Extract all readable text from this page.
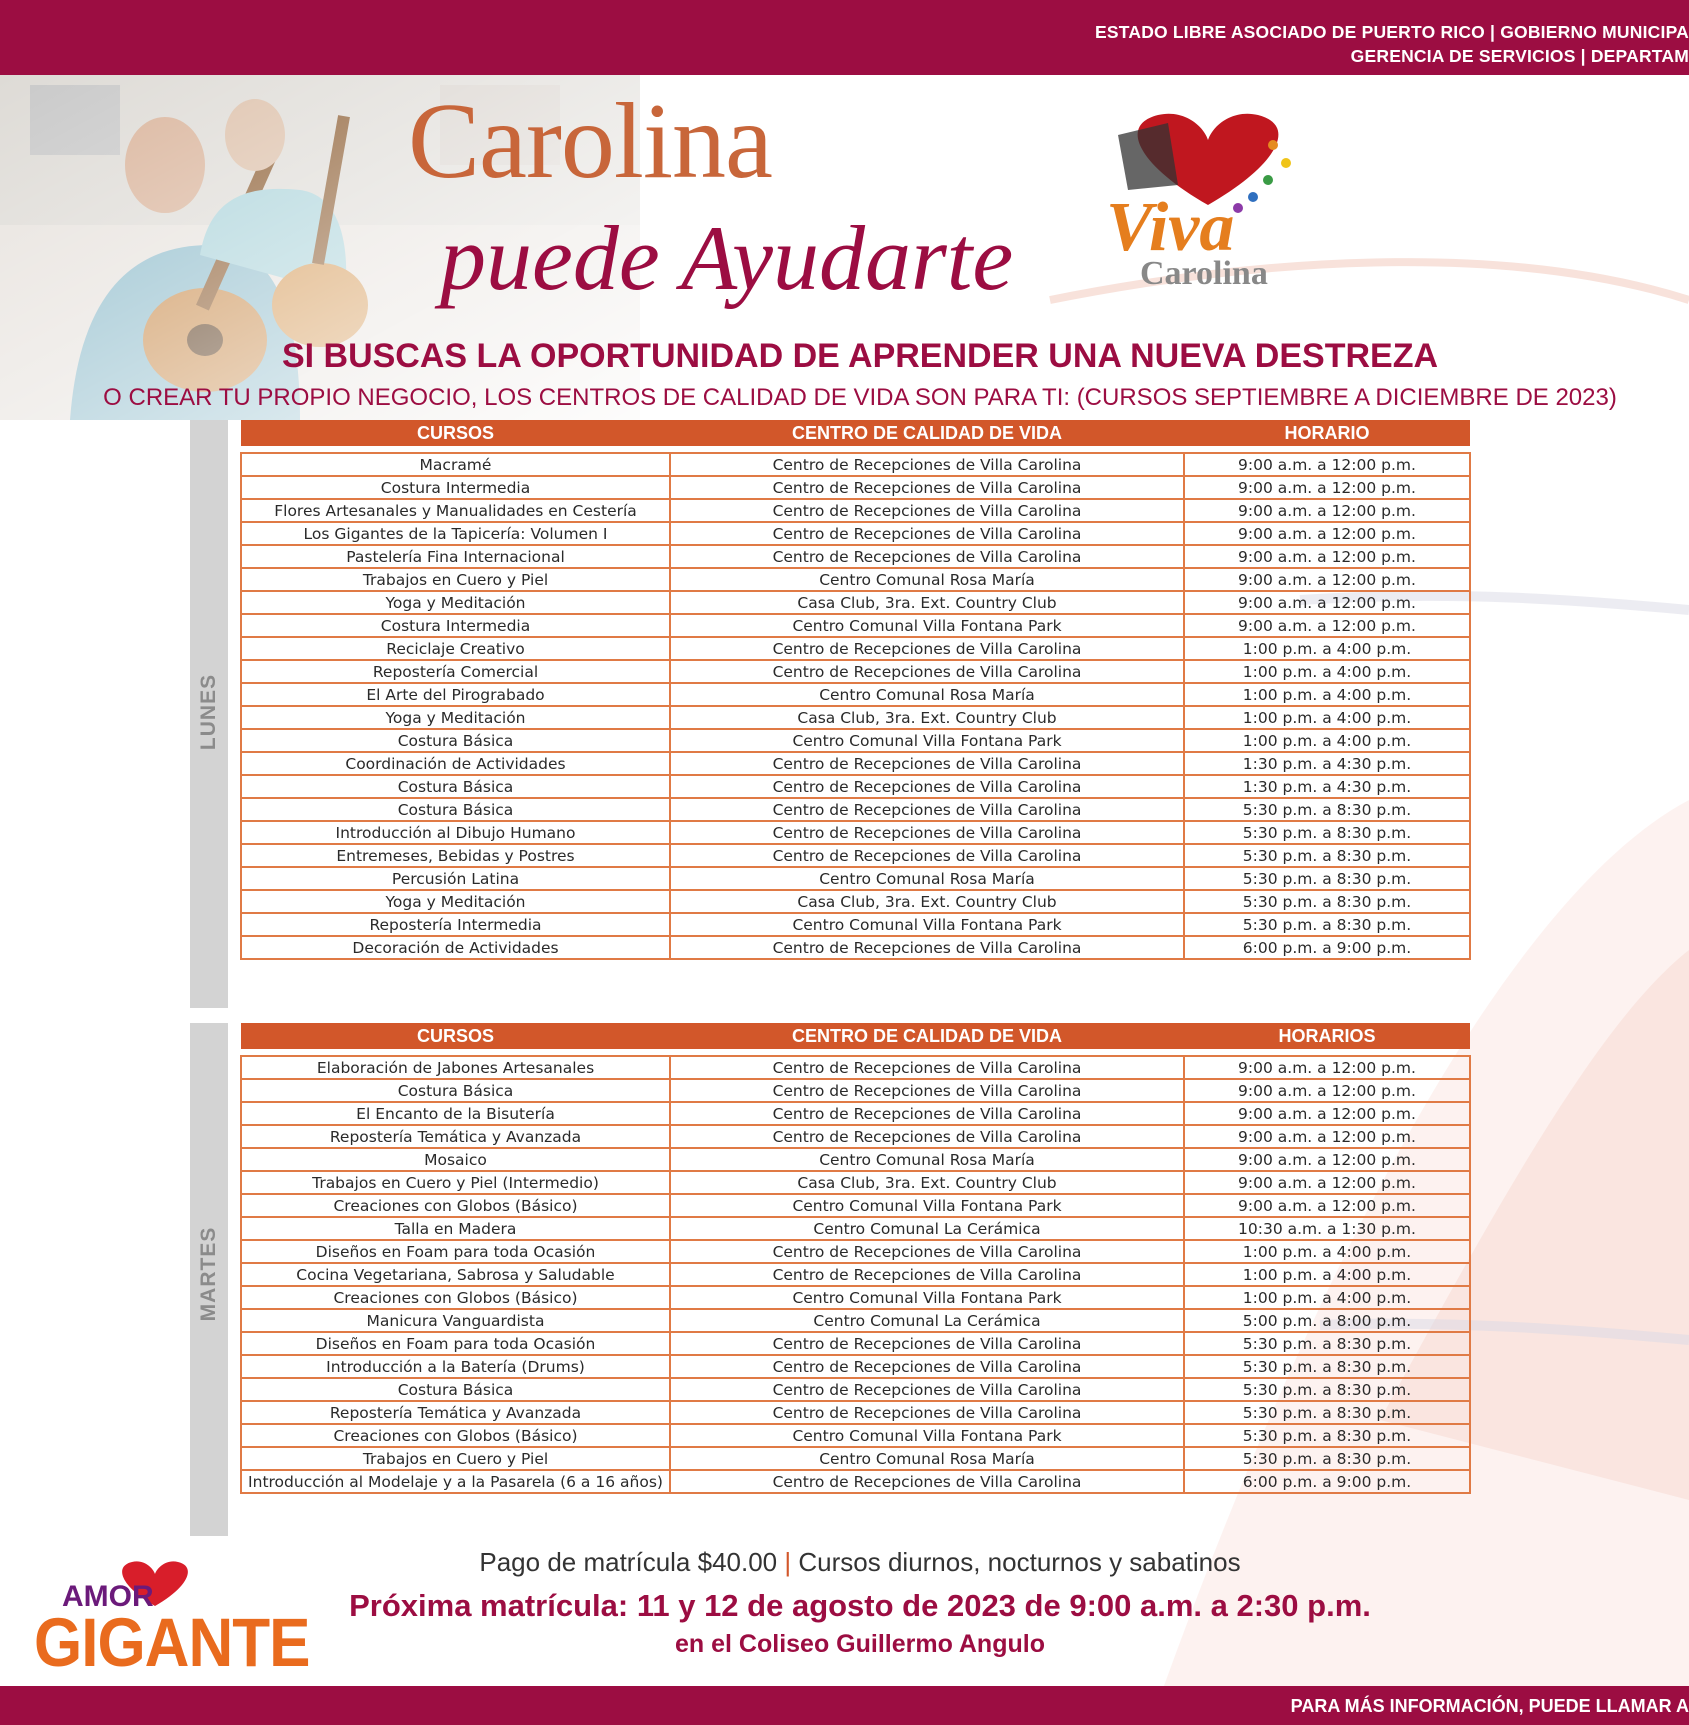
ESTADO LIBRE ASOCIADO DE PUERTO RICO | GOBIERNO MUNICIPA
GERENCIA DE SERVICIOS | DEPARTAM
Carolina
puede Ayudarte Viva
Carolina
SI BUSCAS LA OPORTUNIDAD DE APRENDER UNA NUEVA DESTREZA
O CREAR TU PROPIO NEGOCIO, LOS CENTROS DE CALIDAD DE VIDA SON PARA TI: (CURSOS SEPTIEMBRE A DICIEMBRE DE 2023)
LUNES
CURSOS	CENTRO DE CALIDAD DE VIDA	HORARIO

Macramé	Centro de Recepciones de Villa Carolina	9:00 a.m. a 12:00 p.m.
Costura Intermedia	Centro de Recepciones de Villa Carolina	9:00 a.m. a 12:00 p.m.
Flores Artesanales y Manualidades en Cestería	Centro de Recepciones de Villa Carolina	9:00 a.m. a 12:00 p.m.
Los Gigantes de la Tapicería: Volumen I	Centro de Recepciones de Villa Carolina	9:00 a.m. a 12:00 p.m.
Pastelería Fina Internacional	Centro de Recepciones de Villa Carolina	9:00 a.m. a 12:00 p.m.
Trabajos en Cuero y Piel	Centro Comunal Rosa María	9:00 a.m. a 12:00 p.m.
Yoga y Meditación	Casa Club, 3ra. Ext. Country Club	9:00 a.m. a 12:00 p.m.
Costura Intermedia	Centro Comunal Villa Fontana Park	9:00 a.m. a 12:00 p.m.
Reciclaje Creativo	Centro de Recepciones de Villa Carolina	1:00 p.m. a 4:00 p.m.
Repostería Comercial	Centro de Recepciones de Villa Carolina	1:00 p.m. a 4:00 p.m.
El Arte del Pirograbado	Centro Comunal Rosa María	1:00 p.m. a 4:00 p.m.
Yoga y Meditación	Casa Club, 3ra. Ext. Country Club	1:00 p.m. a 4:00 p.m.
Costura Básica	Centro Comunal Villa Fontana Park	1:00 p.m. a 4:00 p.m.
Coordinación de Actividades	Centro de Recepciones de Villa Carolina	1:30 p.m. a 4:30 p.m.
Costura Básica	Centro de Recepciones de Villa Carolina	1:30 p.m. a 4:30 p.m.
Costura Básica	Centro de Recepciones de Villa Carolina	5:30 p.m. a 8:30 p.m.
Introducción al Dibujo Humano	Centro de Recepciones de Villa Carolina	5:30 p.m. a 8:30 p.m.
Entremeses, Bebidas y Postres	Centro de Recepciones de Villa Carolina	5:30 p.m. a 8:30 p.m.
Percusión Latina	Centro Comunal Rosa María	5:30 p.m. a 8:30 p.m.
Yoga y Meditación	Casa Club, 3ra. Ext. Country Club	5:30 p.m. a 8:30 p.m.
Repostería Intermedia	Centro Comunal Villa Fontana Park	5:30 p.m. a 8:30 p.m.
Decoración de Actividades	Centro de Recepciones de Villa Carolina	6:00 p.m. a 9:00 p.m.
MARTES
CURSOS	CENTRO DE CALIDAD DE VIDA	HORARIOS

Elaboración de Jabones Artesanales	Centro de Recepciones de Villa Carolina	9:00 a.m. a 12:00 p.m.
Costura Básica	Centro de Recepciones de Villa Carolina	9:00 a.m. a 12:00 p.m.
El Encanto de la Bisutería	Centro de Recepciones de Villa Carolina	9:00 a.m. a 12:00 p.m.
Repostería Temática y Avanzada	Centro de Recepciones de Villa Carolina	9:00 a.m. a 12:00 p.m.
Mosaico	Centro Comunal Rosa María	9:00 a.m. a 12:00 p.m.
Trabajos en Cuero y Piel (Intermedio)	Casa Club, 3ra. Ext. Country Club	9:00 a.m. a 12:00 p.m.
Creaciones con Globos (Básico)	Centro Comunal Villa Fontana Park	9:00 a.m. a 12:00 p.m.
Talla en Madera	Centro Comunal La Cerámica	10:30 a.m. a 1:30 p.m.
Diseños en Foam para toda Ocasión	Centro de Recepciones de Villa Carolina	1:00 p.m. a 4:00 p.m.
Cocina Vegetariana, Sabrosa y Saludable	Centro de Recepciones de Villa Carolina	1:00 p.m. a 4:00 p.m.
Creaciones con Globos (Básico)	Centro Comunal Villa Fontana Park	1:00 p.m. a 4:00 p.m.
Manicura Vanguardista	Centro Comunal La Cerámica	5:00 p.m. a 8:00 p.m.
Diseños en Foam para toda Ocasión	Centro de Recepciones de Villa Carolina	5:30 p.m. a 8:30 p.m.
Introducción a la Batería (Drums)	Centro de Recepciones de Villa Carolina	5:30 p.m. a 8:30 p.m.
Costura Básica	Centro de Recepciones de Villa Carolina	5:30 p.m. a 8:30 p.m.
Repostería Temática y Avanzada	Centro de Recepciones de Villa Carolina	5:30 p.m. a 8:30 p.m.
Creaciones con Globos (Básico)	Centro Comunal Villa Fontana Park	5:30 p.m. a 8:30 p.m.
Trabajos en Cuero y Piel	Centro Comunal Rosa María	5:30 p.m. a 8:30 p.m.
Introducción al Modelaje y a la Pasarela (6 a 16 años)	Centro de Recepciones de Villa Carolina	6:00 p.m. a 9:00 p.m.
Pago de matrícula $40.00 | Cursos diurnos, nocturnos y sabatinos
Próxima matrícula: 11 y 12 de agosto de 2023 de 9:00 a.m. a 2:30 p.m.
en el Coliseo Guillermo Angulo
AMOR
GIGANTE
PARA MÁS INFORMACIÓN, PUEDE LLAMAR A
